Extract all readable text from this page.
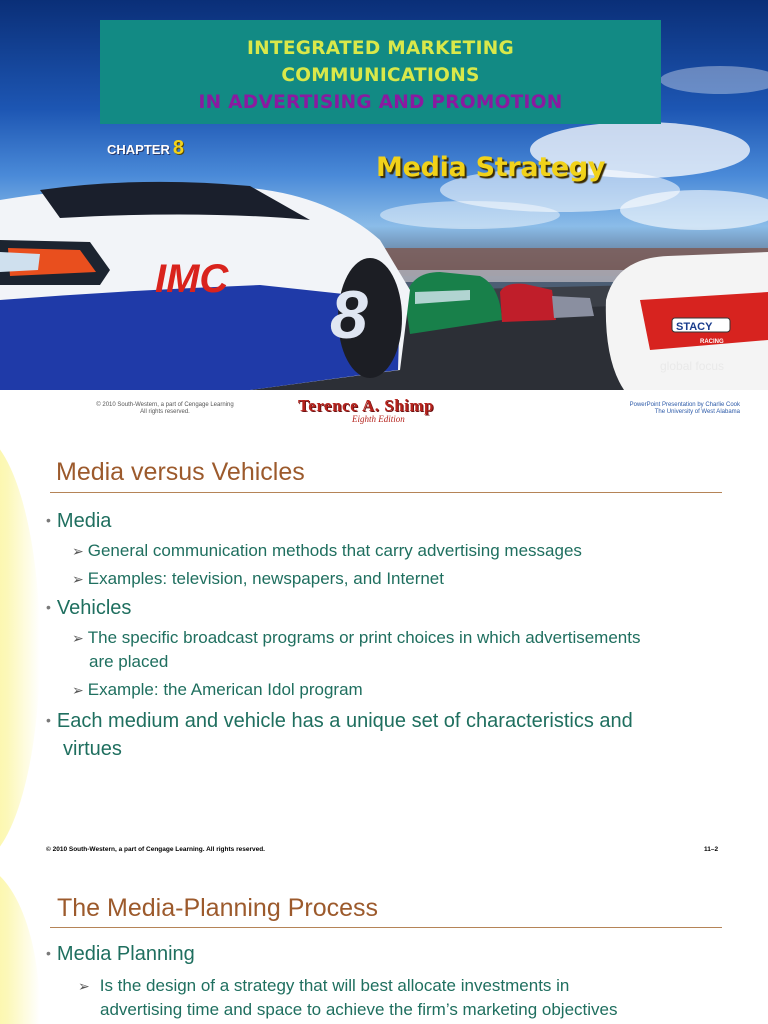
STACY
RACING
global focus
IMC 8
INTEGRATED MARKETING
COMMUNICATIONS
IN ADVERTISING AND PROMOTION
CHAPTER 8
Media Strategy
© 2010 South-Western, a part of Cengage Learning
All rights reserved.	Terence A. Shimp
Eighth Edition
PowerPoint Presentation by Charlie Cook
The University of West Alabama
Media versus Vehicles
• Media
➢ General communication methods that carry advertising messages
➢ Examples: television, newspapers, and Internet
• Vehicles
➢ The specific broadcast programs or print choices in which advertisements
are placed
➢ Example: the American Idol program
• Each medium and vehicle has a unique set of characteristics and
virtues
© 2010 South-Western, a part of Cengage Learning. All rights reserved.	11–2
The Media-Planning Process
• Media Planning
➢ Is the design of a strategy that will best allocate investments in
advertising time and space to achieve the firm’s marketing objectives
